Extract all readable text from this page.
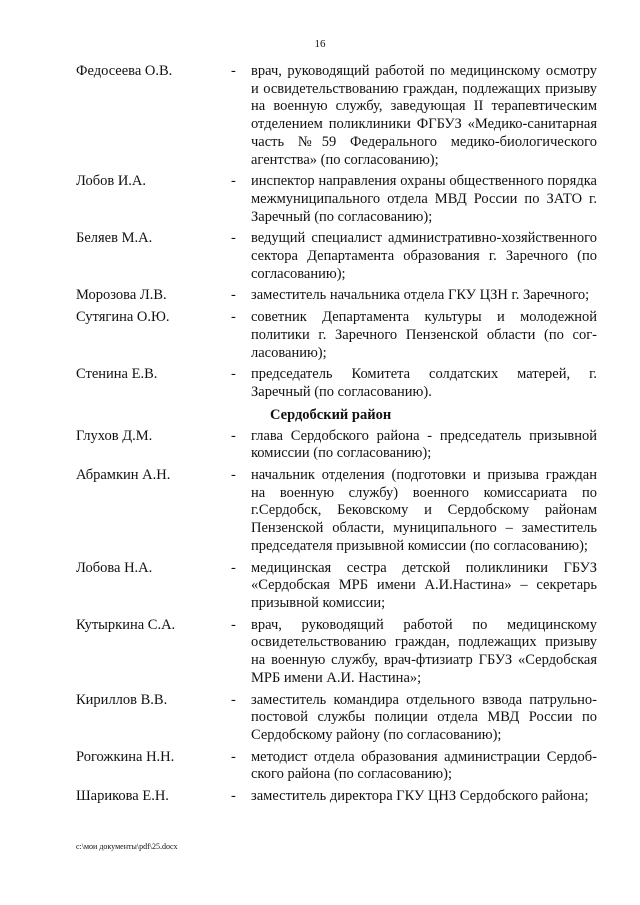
16
Федосеева О.В.	- врач, руководящий работой по медицинскому осмотру и освидетельствованию граждан, подлежащих призыву на военную службу, заведующая II терапевтическим отделением поликлиники ФГБУЗ «Медико-санитарная часть №59 Федерального медико-биологического агентства» (по согласованию);
Лобов И.А.	- инспектор направления охраны общественного порядка межмуниципального отдела МВД России по ЗАТО г. Заречный (по согласованию);
Беляев М.А.	- ведущий специалист административно-хозяйственного сектора Департамента образования г. Заречного (по согласованию);
Морозова Л.В.	- заместитель начальника отдела ГКУ ЦЗН г. Заречного;
Сутягина О.Ю.	- советник Департамента культуры и молодежной политики г. Заречного Пензенской области (по согласованию);
Стенина Е.В.	- председатель Комитета солдатских матерей, г. Заречный (по согласованию).
Сердобский район
Глухов Д.М.	- глава Сердобского района - председатель призывной комиссии (по согласованию);
Абрамкин А.Н.	- начальник отделения (подготовки и призыва граждан на военную службу) военного комиссариата по г.Сердобск, Бековскому и Сердобскому районам Пензенской области, муниципального – заместитель председателя призывной комиссии (по согласованию);
Лобова Н.А.	- медицинская сестра детской поликлиники ГБУЗ «Сердобская МРБ имени А.И.Настина» – секретарь призывной комиссии;
Кутыркина С.А.	- врач, руководящий работой по медицинскому освидетельствованию граждан, подлежащих призыву на военную службу, врач-фтизиатр ГБУЗ «Сердобская МРБ имени А.И. Настина»;
Кириллов В.В.	- заместитель командира отдельного взвода патрульно-постовой службы полиции отдела МВД России по Сердобскому району (по согласованию);
Рогожкина Н.Н.	- методист отдела образования администрации Сердобского района (по согласованию);
Шарикова Е.Н.	- заместитель директора ГКУ ЦНЗ Сердобского района;
c:\мои документы\pdf\25.docx
